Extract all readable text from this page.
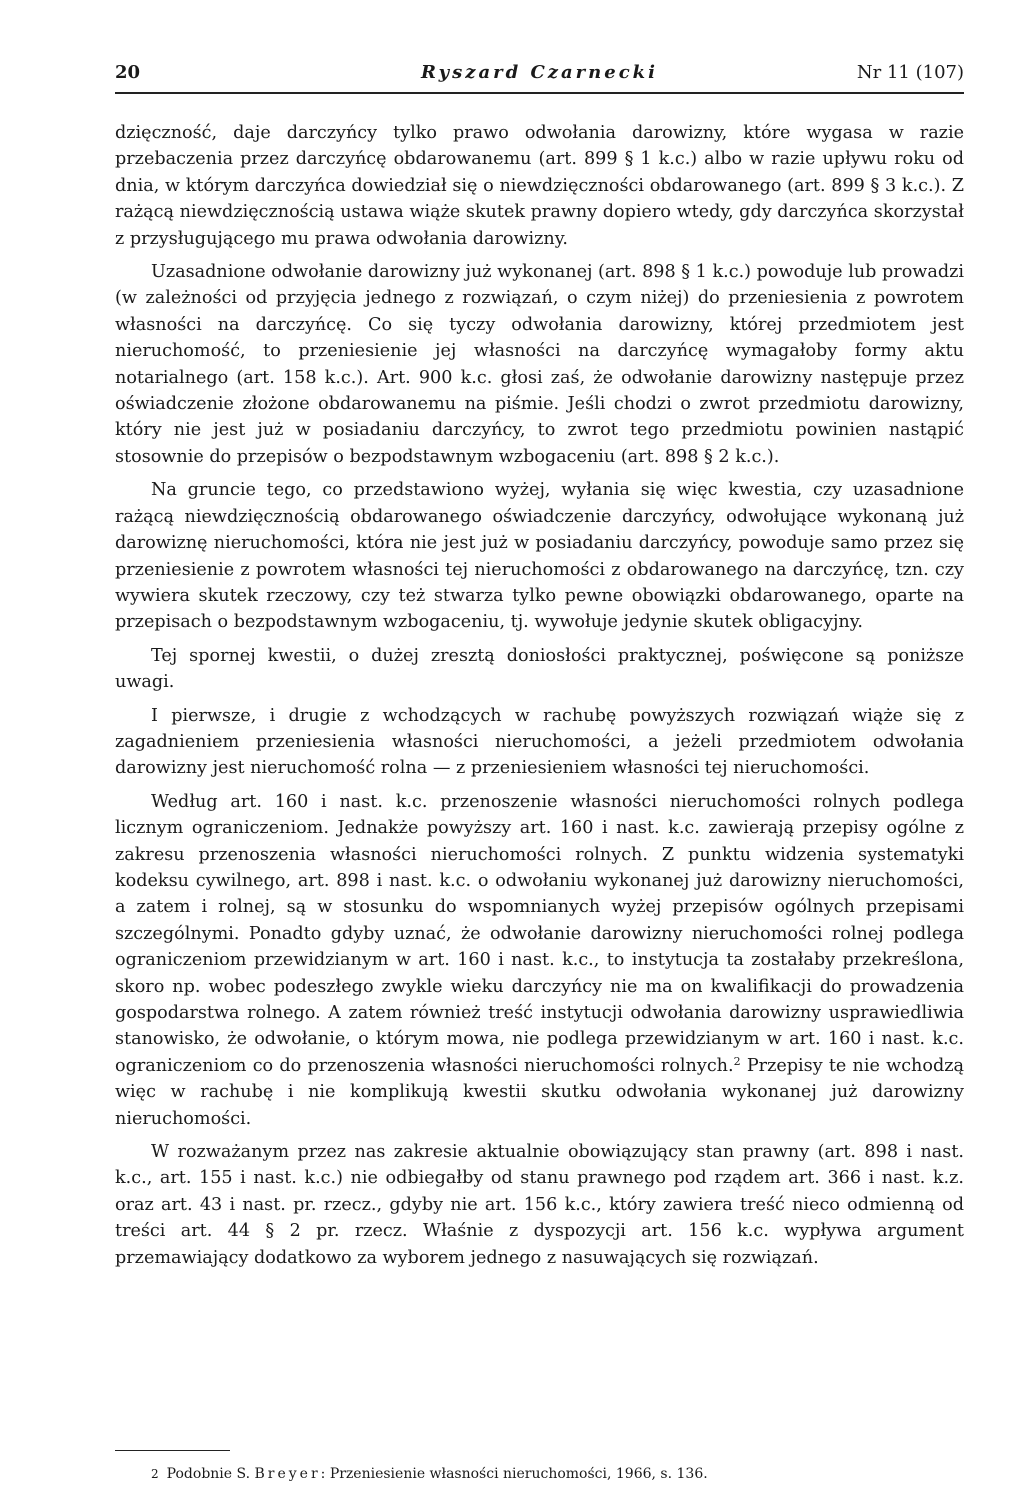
20	Ryszard Czarnecki	Nr 11 (107)

dzięczność, daje darczyńcy tylko prawo odwołania darowizny, które wygasa w razie przebaczenia przez darczyńcę obdarowanemu (art. 899 § 1 k.c.) albo w razie upływu roku od dnia, w którym darczyńca dowiedział się o niewdzięczności obdarowanego (art. 899 § 3 k.c.). Z rażącą niewdzięcznością ustawa wiąże skutek prawny dopiero wtedy, gdy darczyńca skorzystał z przysługującego mu prawa odwołania darowizny.

Uzasadnione odwołanie darowizny już wykonanej (art. 898 § 1 k.c.) powoduje lub prowadzi (w zależności od przyjęcia jednego z rozwiązań, o czym niżej) do przeniesienia z powrotem własności na darczyńcę. Co się tyczy odwołania darowizny, której przedmiotem jest nieruchomość, to przeniesienie jej własności na darczyńcę wymagałoby formy aktu notarialnego (art. 158 k.c.). Art. 900 k.c. głosi zaś, że odwołanie darowizny następuje przez oświadczenie złożone obdarowanemu na piśmie. Jeśli chodzi o zwrot przedmiotu darowizny, który nie jest już w posiadaniu darczyńcy, to zwrot tego przedmiotu powinien nastąpić stosownie do przepisów o bezpodstawnym wzbogaceniu (art. 898 § 2 k.c.).

Na gruncie tego, co przedstawiono wyżej, wyłania się więc kwestia, czy uzasadnione rażącą niewdzięcznością obdarowanego oświadczenie darczyńcy, odwołujące wykonaną już darowiznę nieruchomości, która nie jest już w posiadaniu darczyńcy, powoduje samo przez się przeniesienie z powrotem własności tej nieruchomości z obdarowanego na darczyńcę, tzn. czy wywiera skutek rzeczowy, czy też stwarza tylko pewne obowiązki obdarowanego, oparte na przepisach o bezpodstawnym wzbogaceniu, tj. wywołuje jedynie skutek obligacyjny.

Tej spornej kwestii, o dużej zresztą doniosłości praktycznej, poświęcone są poniższe uwagi.

I pierwsze, i drugie z wchodzących w rachubę powyższych rozwiązań wiąże się z zagadnieniem przeniesienia własności nieruchomości, a jeżeli przedmiotem odwołania darowizny jest nieruchomość rolna — z przeniesieniem własności tej nieruchomości.

Według art. 160 i nast. k.c. przenoszenie własności nieruchomości rolnych podlega licznym ograniczeniom. Jednakże powyższy art. 160 i nast. k.c. zawierają przepisy ogólne z zakresu przenoszenia własności nieruchomości rolnych. Z punktu widzenia systematyki kodeksu cywilnego, art. 898 i nast. k.c. o odwołaniu wykonanej już darowizny nieruchomości, a zatem i rolnej, są w stosunku do wspomnianych wyżej przepisów ogólnych przepisami szczególnymi. Ponadto gdyby uznać, że odwołanie darowizny nieruchomości rolnej podlega ograniczeniom przewidzianym w art. 160 i nast. k.c., to instytucja ta zostałaby przekreślona, skoro np. wobec podeszłego zwykle wieku darczyńcy nie ma on kwalifikacji do prowadzenia gospodarstwa rolnego. A zatem również treść instytucji odwołania darowizny usprawiedliwia stanowisko, że odwołanie, o którym mowa, nie podlega przewidzianym w art. 160 i nast. k.c. ograniczeniom co do przenoszenia własności nieruchomości rolnych.$^2$ Przepisy te nie wchodzą więc w rachubę i nie komplikują kwestii skutku odwołania wykonanej już darowizny nieruchomości.

W rozważanym przez nas zakresie aktualnie obowiązujący stan prawny (art. 898 i nast. k.c., art. 155 i nast. k.c.) nie odbiegałby od stanu prawnego pod rządem art. 366 i nast. k.z. oraz art. 43 i nast. pr. rzecz., gdyby nie art. 156 k.c., który zawiera treść nieco odmienną od treści art. 44 § 2 pr. rzecz. Właśnie z dyspozycji art. 156 k.c. wypływa argument przemawiający dodatkowo za wyborem jednego z nasuwających się rozwiązań.

2 Podobnie S. Breyer: Przeniesienie własności nieruchomości, 1966, s. 136.
